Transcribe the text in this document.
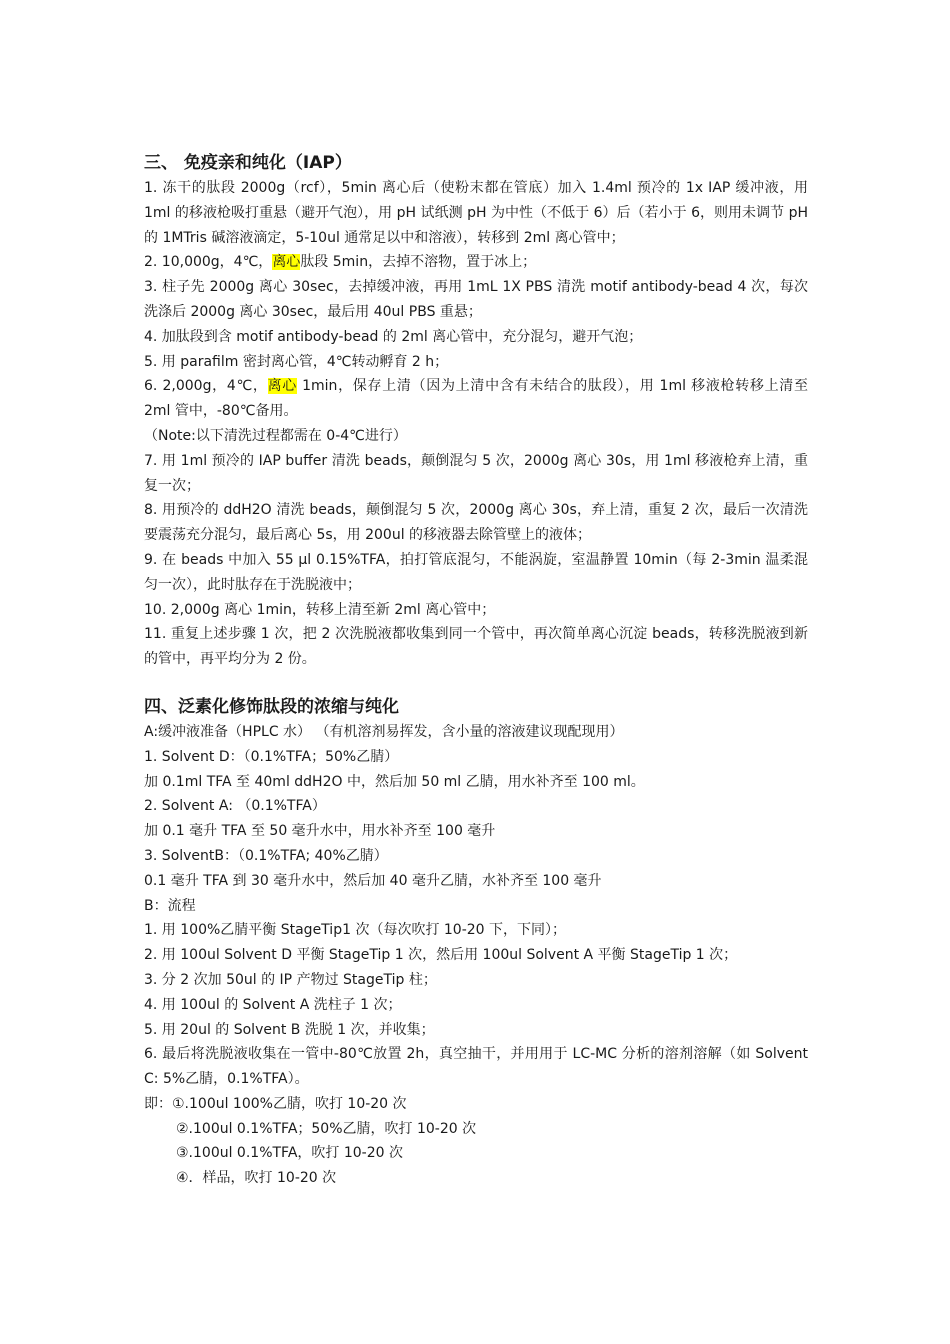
三、 免疫亲和纯化（IAP）

1. 冻干的肽段 2000g（rcf），5min 离心后（使粉末都在管底）加入 1.4ml 预冷的 1x IAP 缓冲液，用 1ml 的移液枪吸打重悬（避开气泡），用 pH 试纸测 pH 为中性（不低于 6）后（若小于 6，则用未调节 pH 的 1MTris 碱溶液滴定，5-10ul 通常足以中和溶液），转移到 2ml 离心管中；

2. 10,000g，4℃，离心肽段 5min，去掉不溶物，置于冰上；

3. 柱子先 2000g 离心 30sec，去掉缓冲液，再用 1mL 1X PBS 清洗 motif antibody-bead 4 次，每次洗涤后 2000g 离心 30sec，最后用 40ul PBS 重悬；

4. 加肽段到含 motif antibody-bead 的 2ml 离心管中，充分混匀，避开气泡；

5. 用 parafilm 密封离心管，4℃转动孵育 2 h；

6. 2,000g，4℃，离心 1min，保存上清（因为上清中含有未结合的肽段），用 1ml 移液枪转移上清至 2ml 管中，-80℃备用。

（Note:以下清洗过程都需在 0-4℃进行）

7. 用 1ml 预冷的 IAP buffer 清洗 beads，颠倒混匀 5 次，2000g 离心 30s，用 1ml 移液枪弃上清，重复一次；

8. 用预冷的 ddH2O 清洗 beads，颠倒混匀 5 次，2000g 离心 30s，弃上清，重复 2 次，最后一次清洗要震荡充分混匀，最后离心 5s，用 200ul 的移液器去除管壁上的液体；

9. 在 beads 中加入 55 µl 0.15%TFA，拍打管底混匀，不能涡旋，室温静置 10min（每 2-3min 温柔混匀一次），此时肽存在于洗脱液中；

10. 2,000g 离心 1min，转移上清至新 2ml 离心管中；

11. 重复上述步骤 1 次，把 2 次洗脱液都收集到同一个管中，再次简单离心沉淀 beads，转移洗脱液到新的管中，再平均分为 2 份。

四、泛素化修饰肽段的浓缩与纯化

A:缓冲液准备（HPLC 水） （有机溶剂易挥发，含小量的溶液建议现配现用）

1. Solvent D：（0.1%TFA；50%乙腈）

加 0.1ml TFA 至 40ml ddH2O 中，然后加 50 ml 乙腈，用水补齐至 100 ml。

2. Solvent A: （0.1%TFA）

加 0.1 毫升 TFA 至 50 毫升水中，用水补齐至 100 毫升

3. SolventB：（0.1%TFA; 40%乙腈）

0.1 毫升 TFA 到 30 毫升水中，然后加 40 毫升乙腈，水补齐至 100 毫升

B：流程

1. 用 100%乙腈平衡 StageTip1 次（每次吹打 10-20 下，下同）；

2. 用 100ul Solvent D 平衡 StageTip 1 次，然后用 100ul Solvent A 平衡 StageTip 1 次；

3. 分 2 次加 50ul 的 IP 产物过 StageTip 柱；

4. 用 100ul 的 Solvent A 洗柱子 1 次；

5. 用 20ul 的 Solvent B 洗脱 1 次，并收集；

6. 最后将洗脱液收集在一管中-80℃放置 2h，真空抽干，并用用于 LC-MC 分析的溶剂溶解（如 Solvent C: 5%乙腈，0.1%TFA）。

即：①.100ul 100%乙腈，吹打 10-20 次

②.100ul 0.1%TFA；50%乙腈，吹打 10-20 次

③.100ul 0.1%TFA，吹打 10-20 次

④．样品，吹打 10-20 次
